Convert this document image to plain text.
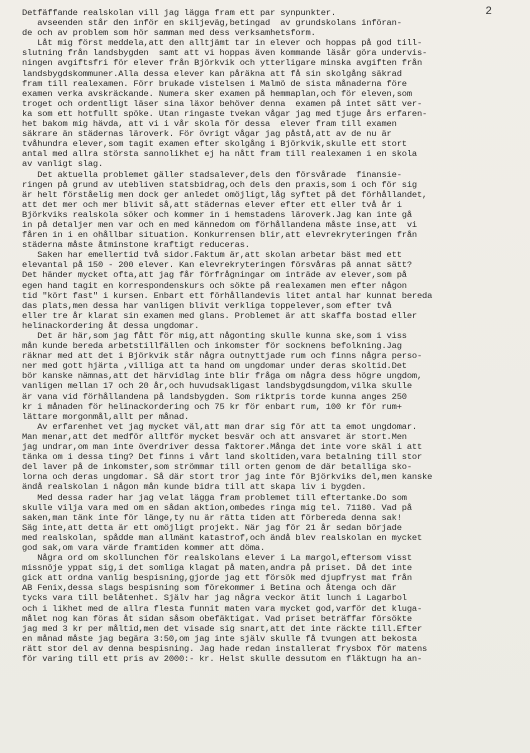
2
Detfäffande realskolan vill jag lägga fram ett par synpunkter.
avseenden står den inför en skiljeväg,betingad  av grundskolans införan-
de och av problem som hör samman med dess verksamhetsform.
Låt mig först meddela,att den alltjämt tar in elever och hoppas på god till-
slutning från landsbygden  samt att vi hoppas även kommande läsår göra undervis-
ningen avgiftsfri för elever från Björkvik och ytterligare minska avgiften från
landsbygdskommuner.Alla dessa elever kan påräkna att få sin skolgång säkrad
fram till realexamen. Förr brukade vistelsen i Malmö de sista månaderna före
examen verka avskräckande. Numera sker examen på hemmaplan,och för eleven,som
troget och ordentligt läser sina läxor behöver denna  examen på intet sätt ver-
ka som ett hotfullt spöke. Utan ringaste tvekan vågar jag med tjuge års erfaren-
het bakom mig hävda, att vi i vår skola för dessa  elever fram till examen
säkrare än städernas läroverk. För övrigt vågar jag påstå,att av de nu är
tvåhundra elever,som tagit examen efter skolgång i Björkvik,skulle ett stort
antal med allra största sannolikhet ej ha nått fram till realexamen i en skola
av vanligt slag.
Det aktuella problemet gäller stadsalever,dels den försvårade  finansie-
ringen på grund av utebliven statsbidrag,och dels den praxis,som i och för sig
är helt förståelig men dock ger anledet omöjligt,låg syftet på det förhållandet,
att det mer och mer blivit så,att städernas elever efter ett eller två år i
Björkviks realskola söker och kommer in i hemstadens läroverk.Jag kan inte gå
in på detaljer men var och en med kännedom om förhållandena måste inse,att  vi
fåren in i en ohållbar situation. Konkurrensen blir,att elevrekryteringen från
städerna måste åtminstone kraftigt reduceras.
Saken har emellertid två sidor.Faktum är,att skolan arbetar bäst med ett
elevantal på 150 - 200 elever. Kan elevrekryteringen försvåras på annat sätt?
Det händer mycket ofta,att jag får förfrågningar om inträde av elever,som på
egen hand tagit en korrespondenskurs och sökte på realexamen men efter någon
tid "kört fast" i kursen. Enbart ett förhållandevis litet antal har kunnat bereda
das plats,men dessa har vanligen blivit verkliga toppelever,som efter två
eller tre år klarat sin examen med glans. Problemet är att skaffa bostad eller
helinackordering åt dessa ungdomar.
Det är här,som jag fått för mig,att någonting skulle kunna ske,som i viss
mån kunde bereda arbetstillfällen och inkomster för socknens befolkning.Jag
räknar med att det i Björkvik står några outnyttjade rum och finns några perso-
ner med gott hjärta ,villiga att ta hand om ungdomar under deras skoltid.Det
bör kanske nämnas,att det härvidlag inte blir fråga om några dess högre ungdom,
vanligen mellan 17 och 20 år,och huvudsakligast landsbygdsungdom,vilka skulle
är vana vid förhållandena på landsbygden. Som riktpris torde kunna anges 250
kr i månaden för helinackordering och 75 kr för enbart rum, 100 kr för rum+
lättare morgonmål,allt per månad.
Av erfarenhet vet jag mycket väl,att man drar sig för att ta emot ungdomar.
Man menar,att det medför alltför mycket besvär och att ansvaret är stort.Men
jag undrar,om man inte överdriver dessa faktorer.Många det inte vore skäl i att
tänka om i dessa ting? Det finns i vårt land skoltiden,vara betalning till stor
del laver på de inkomster,som strömmar till orten genom de där betalliga sko-
lorna och deras ungdomar. Så där stort tror jag inte för Björkviks del,men kanske
ändå realskolan i någon mån kunde bidra till att skapa liv i bygden.
Med dessa rader har jag velat lägga fram problemet till eftertanke.Do som
skulle vilja vara med om en sådan aktion,ombedes ringa mig tel. 71180. Vad på
saken,man tänk inte för länge,ty nu är rätta tiden att förbereda denna sak!
Säg inte,att detta är ett omöjligt projekt. När jag för 21 år sedan började
med realskolan, spådde man allmänt katastrof,och ändå blev realskolan en mycket
god sak,om vara värde framtiden kommer att döma.
Några ord om skollunchen för realskolans elever i La margol,eftersom visst
missnöje yppat sig,i det somliga klagat på maten,andra på priset. Då det inte
gick att ordna vanlig bespisning,gjorde jag ett försök med djupfryst mat från
AB Fenix,dessa slags bespisning som förekommer i Betina och åtenga och där
tycks vara till belåtenhet. Själv har jag några veckor ätit lunch i Lagarbol
och i likhet med de allra flesta funnit maten vara mycket god,varför det kluga-
målet nog kan föras åt sidan såsom obefäktigat. Vad priset beträffar försökte
jag med 3 kr per måltid,men det visade sig snart,att det inte räckte till.Efter
en månad måste jag begära 3:50,om jag inte själv skulle få tvungen att bekosta
rätt stor del av denna bespisning. Jag hade redan installerat frysbox för matens
för varing till ett pris av 2000:- kr. Helst skulle dessutom en fläktugn ha an-
